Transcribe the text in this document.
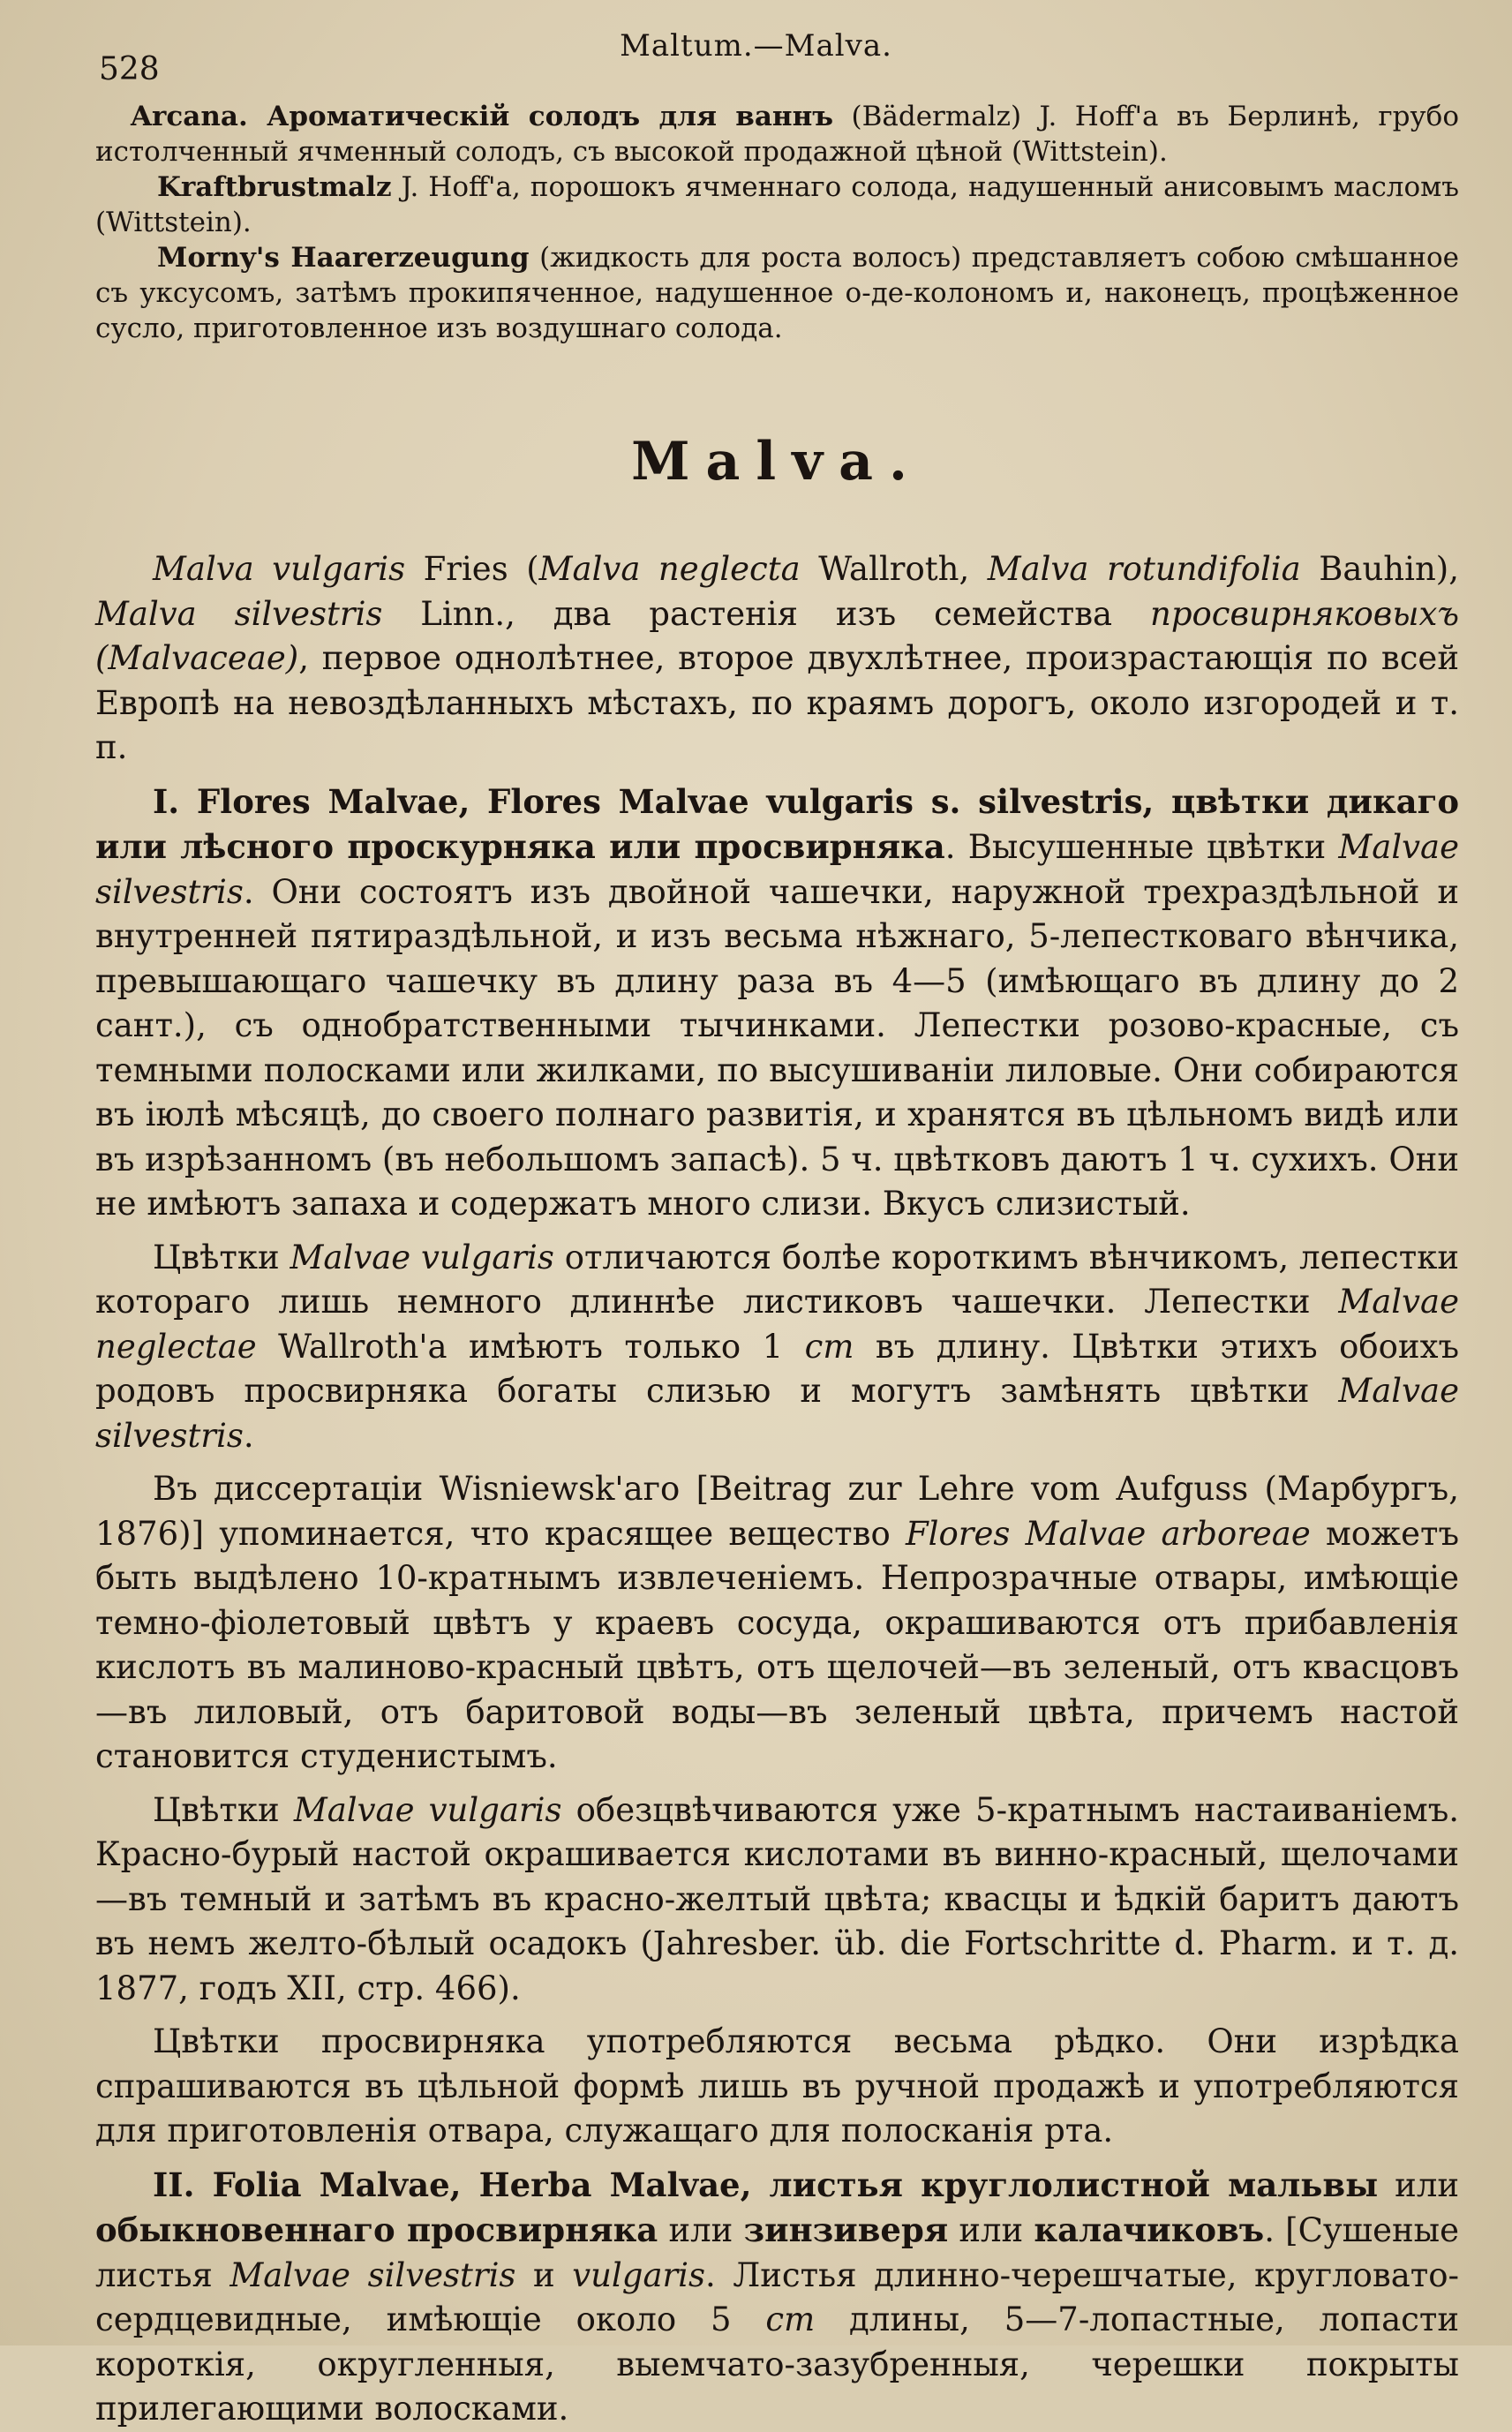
528
Maltum.—Malva.

Arcana. Ароматическій солодъ для ваннъ (Bädermalz) J. Hoff'a въ Берлинѣ, грубо истолченный ячменный солодъ, съ высокой продажной цѣной (Wittstein).

Kraftbrustmalz J. Hoff'a, порошокъ ячменнаго солода, надушенный анисовымъ масломъ (Wittstein).

Morny's Haarerzeugung (жидкость для роста волосъ) представляетъ собою смѣшанное съ уксусомъ, затѣмъ прокипяченное, надушенное о-де-колономъ и, наконецъ, процѣженное сусло, приготовленное изъ воздушнаго солода.

Malva.

Malva vulgaris Fries (Malva neglecta Wallroth, Malva rotundifolia Bauhin), Malva silvestris Linn., два растенія изъ семейства просвирняковыхъ (Malvaceae), первое однолѣтнее, второе двухлѣтнее, произрастающія по всей Европѣ на невоздѣланныхъ мѣстахъ, по краямъ дорогъ, около изгородей и т. п.

I. Flores Malvae, Flores Malvae vulgaris s. silvestris, цвѣтки дикаго или лѣсного проскурняка или просвирняка. Высушенные цвѣтки Malvae silvestris. Они состоятъ изъ двойной чашечки, наружной трехраздѣльной и внутренней пятираздѣльной, и изъ весьма нѣжнаго, 5-лепестковаго вѣнчика, превышающаго чашечку въ длину раза въ 4—5 (имѣющаго въ длину до 2 сант.), съ однобратственными тычинками. Лепестки розово-красные, съ темными полосками или жилками, по высушиваніи лиловые. Они собираются въ іюлѣ мѣсяцѣ, до своего полнаго развитія, и хранятся въ цѣльномъ видѣ или въ изрѣзанномъ (въ небольшомъ запасѣ). 5 ч. цвѣтковъ даютъ 1 ч. сухихъ. Они не имѣютъ запаха и содержатъ много слизи. Вкусъ слизистый.

Цвѣтки Malvae vulgaris отличаются болѣе короткимъ вѣнчикомъ, лепестки котораго лишь немного длиннѣе листиковъ чашечки. Лепестки Malvae neglectae Wallroth'a имѣютъ только 1 cm въ длину. Цвѣтки этихъ обоихъ родовъ просвирняка богаты слизью и могутъ замѣнять цвѣтки Malvae silvestris.

Въ диссертаціи Wisniewsk'аго [Beitrag zur Lehre vom Aufguss (Марбургъ, 1876)] упоминается, что красящее вещество Flores Malvae arboreae можетъ быть выдѣлено 10-кратнымъ извлеченіемъ. Непрозрачные отвары, имѣющіе темно-фіолетовый цвѣтъ у краевъ сосуда, окрашиваются отъ прибавленія кислотъ въ малиново-красный цвѣтъ, отъ щелочей—въ зеленый, отъ квасцовъ—въ лиловый, отъ баритовой воды—въ зеленый цвѣта, причемъ настой становится студенистымъ.

Цвѣтки Malvae vulgaris обезцвѣчиваются уже 5-кратнымъ настаиваніемъ. Красно-бурый настой окрашивается кислотами въ винно-красный, щелочами—въ темный и затѣмъ въ красно-желтый цвѣта; квасцы и ѣдкій баритъ даютъ въ немъ желто-бѣлый осадокъ (Jahresber. üb. die Fortschritte d. Pharm. и т. д. 1877, годъ XII, стр. 466).

Цвѣтки просвирняка употребляются весьма рѣдко. Они изрѣдка спрашиваются въ цѣльной формѣ лишь въ ручной продажѣ и употребляются для приготовленія отвара, служащаго для полосканія рта.

II. Folia Malvae, Herba Malvae, листья круглолистной мальвы или обыкновеннаго просвирняка или зинзиверя или калачиковъ. [Сушеные листья Malvae silvestris и vulgaris. Листья длинно-черешчатые, кругловато-сердцевидные, имѣющіе около 5 cm длины, 5—7-лопастные, лопасти короткія, округленныя, выемчато-зазубренныя, черешки покрыты прилегающими волосками.
